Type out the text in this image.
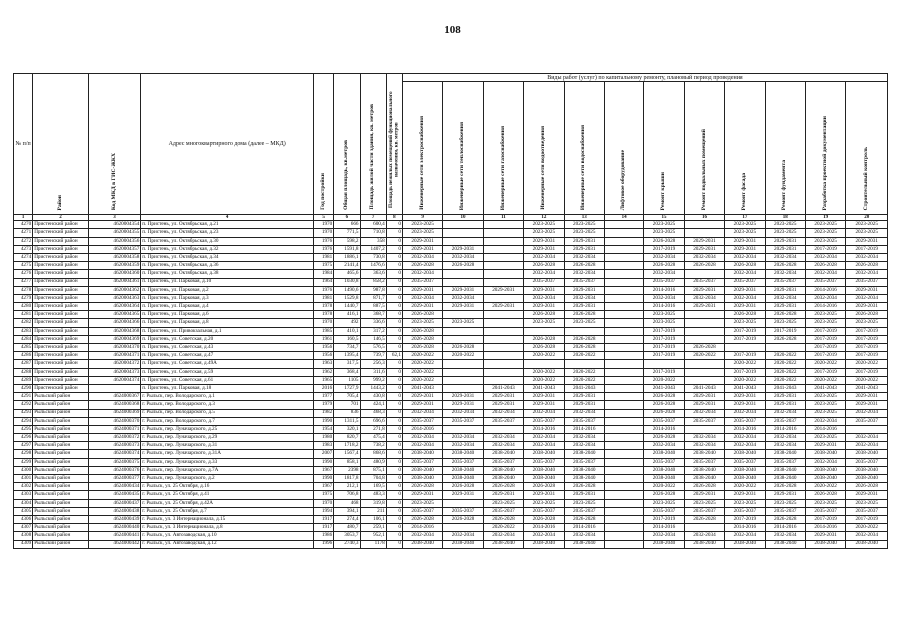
108
№ п/п	Район	Код МКД в ГИС-ЖКХ	Адрес многоквартирного дома (далее – МКД)	Год постройки	Общая площадь, кв.метров	Площадь жилой части здания, кв. метров	Площадь нежилых помещений функционального назначения, кв. метров	Виды работ (услуг) по капитальному ремонту, плановый период проведения											
								Инженерные сети электроснабжения	Инженерные сети теплоснабжения	Инженерные сети газоснабжения	Инженерные сети водоотведения	Инженерные сети водоснабжения	Лифтовое оборудование	Ремонт крыши	Ремонт подвальных помещений	Ремонт фасада	Ремонт фундамента	Разработка проектной документации	Строительный контроль
1	2	3	4	5	6	7	8	9	10	11	12	13	14	15	16	17	18	19	20
4270	Пристенский район	4620004354	п. Пристень, ул. Октябрьская, д.21	1970	666	600,4	0	2023-2025			2023-2025	2023-2025		2023-2025		2023-2025	2023-2025	2023-2025	2023-2025
4271	Пристенский район	4620004355	п. Пристень, ул. Октябрьская, д.23	1970	771,5	710,8	0	2023-2025			2023-2025	2023-2025		2023-2025		2023-2025	2023-2025	2023-2025	2023-2025
4272	Пристенский район	4620004356	п. Пристень, ул. Октябрьская, д.30	1976	598,2	358	0	2029-2031			2029-2031	2029-2031		2026-2028	2029-2031	2029-2031	2029-2031	2023-2025	2029-2031
4273	Пристенский район	4620004357	п. Пристень, ул. Октябрьская, д.32	1976	1591,8	1407,2	0	2029-2031	2029-2031		2029-2031	2029-2031		2017-2019	2029-2031	2029-2031	2029-2031	2017-2019	2017-2019
4274	Пристенский район	4620004358	п. Пристень, ул. Октябрьская, д.34	1981	1886,1	730,8	0	2032-2034	2032-2034		2032-2034	2032-2034		2032-2034	2032-2034	2032-2034	2032-2034	2032-2034	2032-2034
4275	Пристенский район	4620004359	п. Пристень, ул. Октябрьская, д.36	1975	2141,4	1476,6	0	2026-2028	2026-2028		2026-2028	2026-2028		2026-2028	2026-2028	2026-2028	2026-2028	2026-2028	2026-2028
4276	Пристенский район	4620004360	п. Пристень, ул. Октябрьская, д.38	1984	465,6	363,6	0	2032-2034			2032-2034	2032-2034		2032-2034		2032-2034	2032-2034	2032-2034	2032-2034
4277	Пристенский район	4620004361	п. Пристень, ул. Парковая, д.10	1964	1030,8	858,2	0	2035-2037			2035-2037	2035-2037		2035-2037	2035-2037	2035-2037	2035-2037	2035-2037	2035-2037
4278	Пристенский район	4620004362	п. Пристень, ул. Парковая, д.2	1976	1490,6	987,8	0	2029-2031	2029-2031	2029-2031	2029-2031	2029-2031		2014-2016	2029-2031	2029-2031	2029-2031	2014-2016	2029-2031
4279	Пристенский район	4620004363	п. Пристень, ул. Парковая, д.3	1981	1529,8	871,7	0	2032-2034	2032-2034		2032-2034	2032-2034		2032-2034	2032-2034	2032-2034	2032-2034	2032-2034	2032-2034
4280	Пристенский район	4620004364	п. Пристень, ул. Парковая, д.4	1978	1440,7	887,5	0	2029-2031	2029-2031	2029-2031	2029-2031	2029-2031		2014-2016	2029-2031	2029-2031	2029-2031	2014-2016	2029-2031
4281	Пристенский район	4620004365	п. Пристень, ул. Парковая, д.6	1978	416,1	368,7	0	2026-2028			2026-2028	2026-2028		2023-2025		2026-2028	2026-2028	2023-2025	2026-2028
4282	Пристенский район	4620004366	п. Пристень, ул. Парковая, д.8	1970	492	336,6	0	2023-2025	2023-2025		2023-2025	2023-2025		2023-2025		2023-2025	2023-2025	2023-2025	2023-2025
4283	Пристенский район	4620004368	п. Пристень, ул. Привокзальная, д.1	1985	410,1	317,2	0	2026-2028						2017-2019		2017-2019	2017-2019	2017-2019	2017-2019
4284	Пристенский район	4620004369	п. Пристень, ул. Советская, д.20	1961	160,5	146,5	0	2026-2028			2026-2028	2026-2028		2017-2019		2017-2019	2026-2028	2017-2019	2017-2019
4285	Пристенский район	4620004370	п. Пристень, ул. Советская, д.43	1956	734,7	576,5	0	2026-2028	2026-2028		2026-2028	2026-2028		2017-2019	2026-2028			2017-2019	2017-2019
4286	Пристенский район	4620004371	п. Пристень, ул. Советская, д.47	1956	1395,4	739,7	62,1	2020-2022	2020-2022		2020-2022	2020-2022		2017-2019	2020-2022	2017-2019	2020-2022	2017-2019	2017-2019
4287	Пристенский район	4620004372	п. Пристень, ул. Советская, д.49А	1963	317,5	256,3	0	2020-2022								2020-2022	2020-2022	2020-2022	2020-2022
4288	Пристенский район	4620004373	п. Пристень, ул. Советская, д.59	1962	368,4	311,6	0	2020-2022			2020-2022	2020-2022		2017-2019		2017-2019	2020-2022	2017-2019	2017-2019
4289	Пристенский район	4620004374	п. Пристень, ул. Советская, д.61	1965	1105	999,2	0	2020-2022			2020-2022	2020-2022		2020-2022		2020-2022	2020-2022	2020-2022	2020-2022
4290	Пристенский район		п. Пристень, ул. Парковая, д.18	2016	1727,9	1443,2	0	2041-2043		2041-2043	2041-2043	2041-2043		2041-2043	2041-2043	2041-2043	2041-2043	2041-2043	2041-2043
4291	Рыльский район	4624000367	г. Рыльск, пер. Володарского, д.1	1977	705,4	430,8	0	2029-2031	2029-2031	2029-2031	2029-2031	2029-2031		2026-2028	2029-2031	2029-2031	2029-2031	2023-2025	2029-2031
4292	Рыльский район	4624000368	г. Рыльск, пер. Володарского, д.3	1979	701	424,1	0	2029-2031	2029-2031	2029-2031	2029-2031	2029-2031		2026-2028	2029-2031	2029-2031	2029-2031	2023-2025	2029-2031
4293	Рыльский район	4624000369	г. Рыльск, пер. Володарского, д.5	1982	836	468,3	0	2032-2034	2032-2034	2032-2034	2032-2034	2032-2034		2026-2028	2032-2034	2032-2034	2032-2034	2023-2025	2032-2034
4294	Рыльский район	4624000370	г. Рыльск, пер. Володарского, д.7	1990	1311,5	696,6	0	2035-2037	2035-2037	2035-2037	2035-2037	2035-2037		2035-2037	2035-2037	2035-2037	2035-2037	2032-2034	2035-2037
4295	Рыльский район	4624000371	г. Рыльск, пер. Луначарского, д.25	1954	320,1	271,8	0	2014-2016			2014-2016	2014-2016		2014-2016		2014-2016	2014-2016	2014-2016	
4296	Рыльский район	4624000372	г. Рыльск, пер. Луначарского, д.29	1980	820,7	475,4	0	2032-2034	2032-2034	2032-2034	2032-2034	2032-2034		2026-2028	2032-2034	2032-2034	2032-2034	2023-2025	2032-2034
4297	Рыльский район	4624000373	г. Рыльск, пер. Луначарского, д.31	1983	1718,2	738,2	0	2032-2034	2032-2034	2032-2034	2032-2034	2032-2034		2032-2034	2032-2034	2032-2034	2032-2034	2029-2031	2032-2034
4298	Рыльский район	4624000374	г. Рыльск, пер. Луначарского, д.31А	2007	1567,4	868,6	0	2038-2040	2038-2040	2038-2040	2038-2040	2038-2040		2038-2040	2038-2040	2038-2040	2038-2040	2038-2040	2038-2040
4299	Рыльский район	4624000375	г. Рыльск, пер. Луначарского, д.33	1990	858,1	480,9	0	2035-2037	2035-2037	2035-2037	2035-2037	2035-2037		2035-2037	2035-2037	2035-2037	2035-2037	2032-2034	2035-2037
4300	Рыльский район	4624000376	г. Рыльск, пер. Луначарского, д.7А	1967	2398	875,1	0	2038-2040	2038-2040	2038-2040	2038-2040	2038-2040		2038-2040	2038-2040	2038-2040	2038-2040	2038-2040	2038-2040
4301	Рыльский район	4624000377	г. Рыльск, пер. Луначарского, д.2	1990	1817,8	704,8	0	2038-2040	2038-2040	2038-2040	2038-2040	2038-2040		2038-2040	2038-2040	2038-2040	2038-2040	2038-2040	2038-2040
4302	Рыльский район	4624000434	г. Рыльск, ул. 25 Октября, д.16	1967	212,1	169,5	0	2026-2028	2026-2028	2026-2028	2026-2028	2026-2028		2020-2022	2026-2028	2020-2022	2026-2028	2020-2022	2026-2028
4303	Рыльский район	4624000435	г. Рыльск, ул. 25 Октября, д.41	1975	706,8	483,3	0	2029-2031	2029-2031	2029-2031	2029-2031	2029-2031		2026-2028	2029-2031	2029-2031	2029-2031	2026-2028	2029-2031
4304	Рыльский район	4624000437	г. Рыльск, ул. 25 Октября, д.42А	1970	468	319,8	0	2023-2025		2023-2025	2023-2025	2023-2025		2023-2025	2023-2025	2023-2025	2023-2025	2023-2025	2023-2025
4305	Рыльский район	4624000438	г. Рыльск, ул. 25 Октября, д.7	1994	394,1	211	0	2035-2037	2035-2037	2035-2037	2035-2037	2035-2037		2035-2037	2035-2037	2035-2037	2035-2037	2035-2037	2035-2037
4306	Рыльский район	4624000439	г. Рыльск, ул. 3 Интернационала, д.15	1917	274,4	106,1	0	2026-2028	2026-2028	2026-2028	2026-2028	2026-2028		2017-2019	2026-2028	2017-2019	2026-2028	2017-2019	2017-2019
4307	Рыльский район	4624000440	г. Рыльск, ул. 3 Интернационала, д.8	1917	480,7	259,1	0	2014-2016		2020-2022	2014-2016	2014-2016		2014-2016		2014-2016	2014-2016	2014-2016	2020-2022
4308	Рыльский район	4624000441	г. Рыльск, ул. Автозаводская, д.10	1986	3053,7	952,1	0	2032-2034	2032-2034	2032-2034	2032-2034	2032-2034		2032-2034	2032-2034	2032-2034	2032-2034	2029-2031	2032-2034
4309	Рыльский район	4624000442	г. Рыльск, ул. Автозаводская, д.12	1996	2740,3	1178	0	2038-2040	2038-2040	2038-2040	2038-2040	2038-2040		2038-2040	2038-2040	2038-2040	2038-2040	2038-2040	2038-2040
